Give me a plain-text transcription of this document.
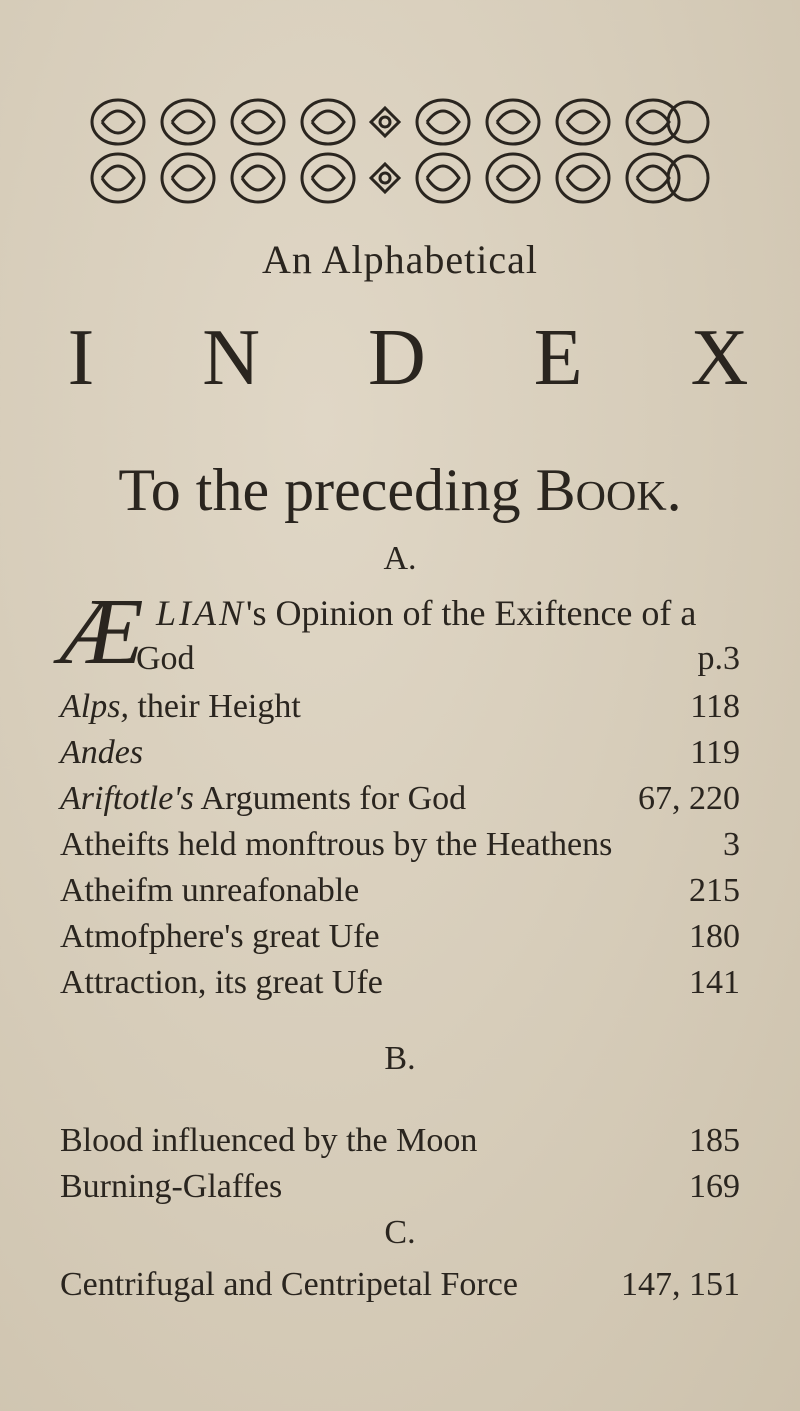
An Alphabetical
I N D E X
To the preceding Book.
A.
Æ LIAN's Opinion of the Exiftence of a
God	p.3
Alps, their Height	118
Andes	119
Ariftotle's Arguments for God	67, 220
Atheifts held monftrous by the Heathens	3
Atheifm unreafonable	215
Atmofphere's great Ufe	180
Attraction, its great Ufe	141
B.
Blood influenced by the Moon	185
Burning-Glaffes	169
C.
Centrifugal and Centripetal Force	147, 151
